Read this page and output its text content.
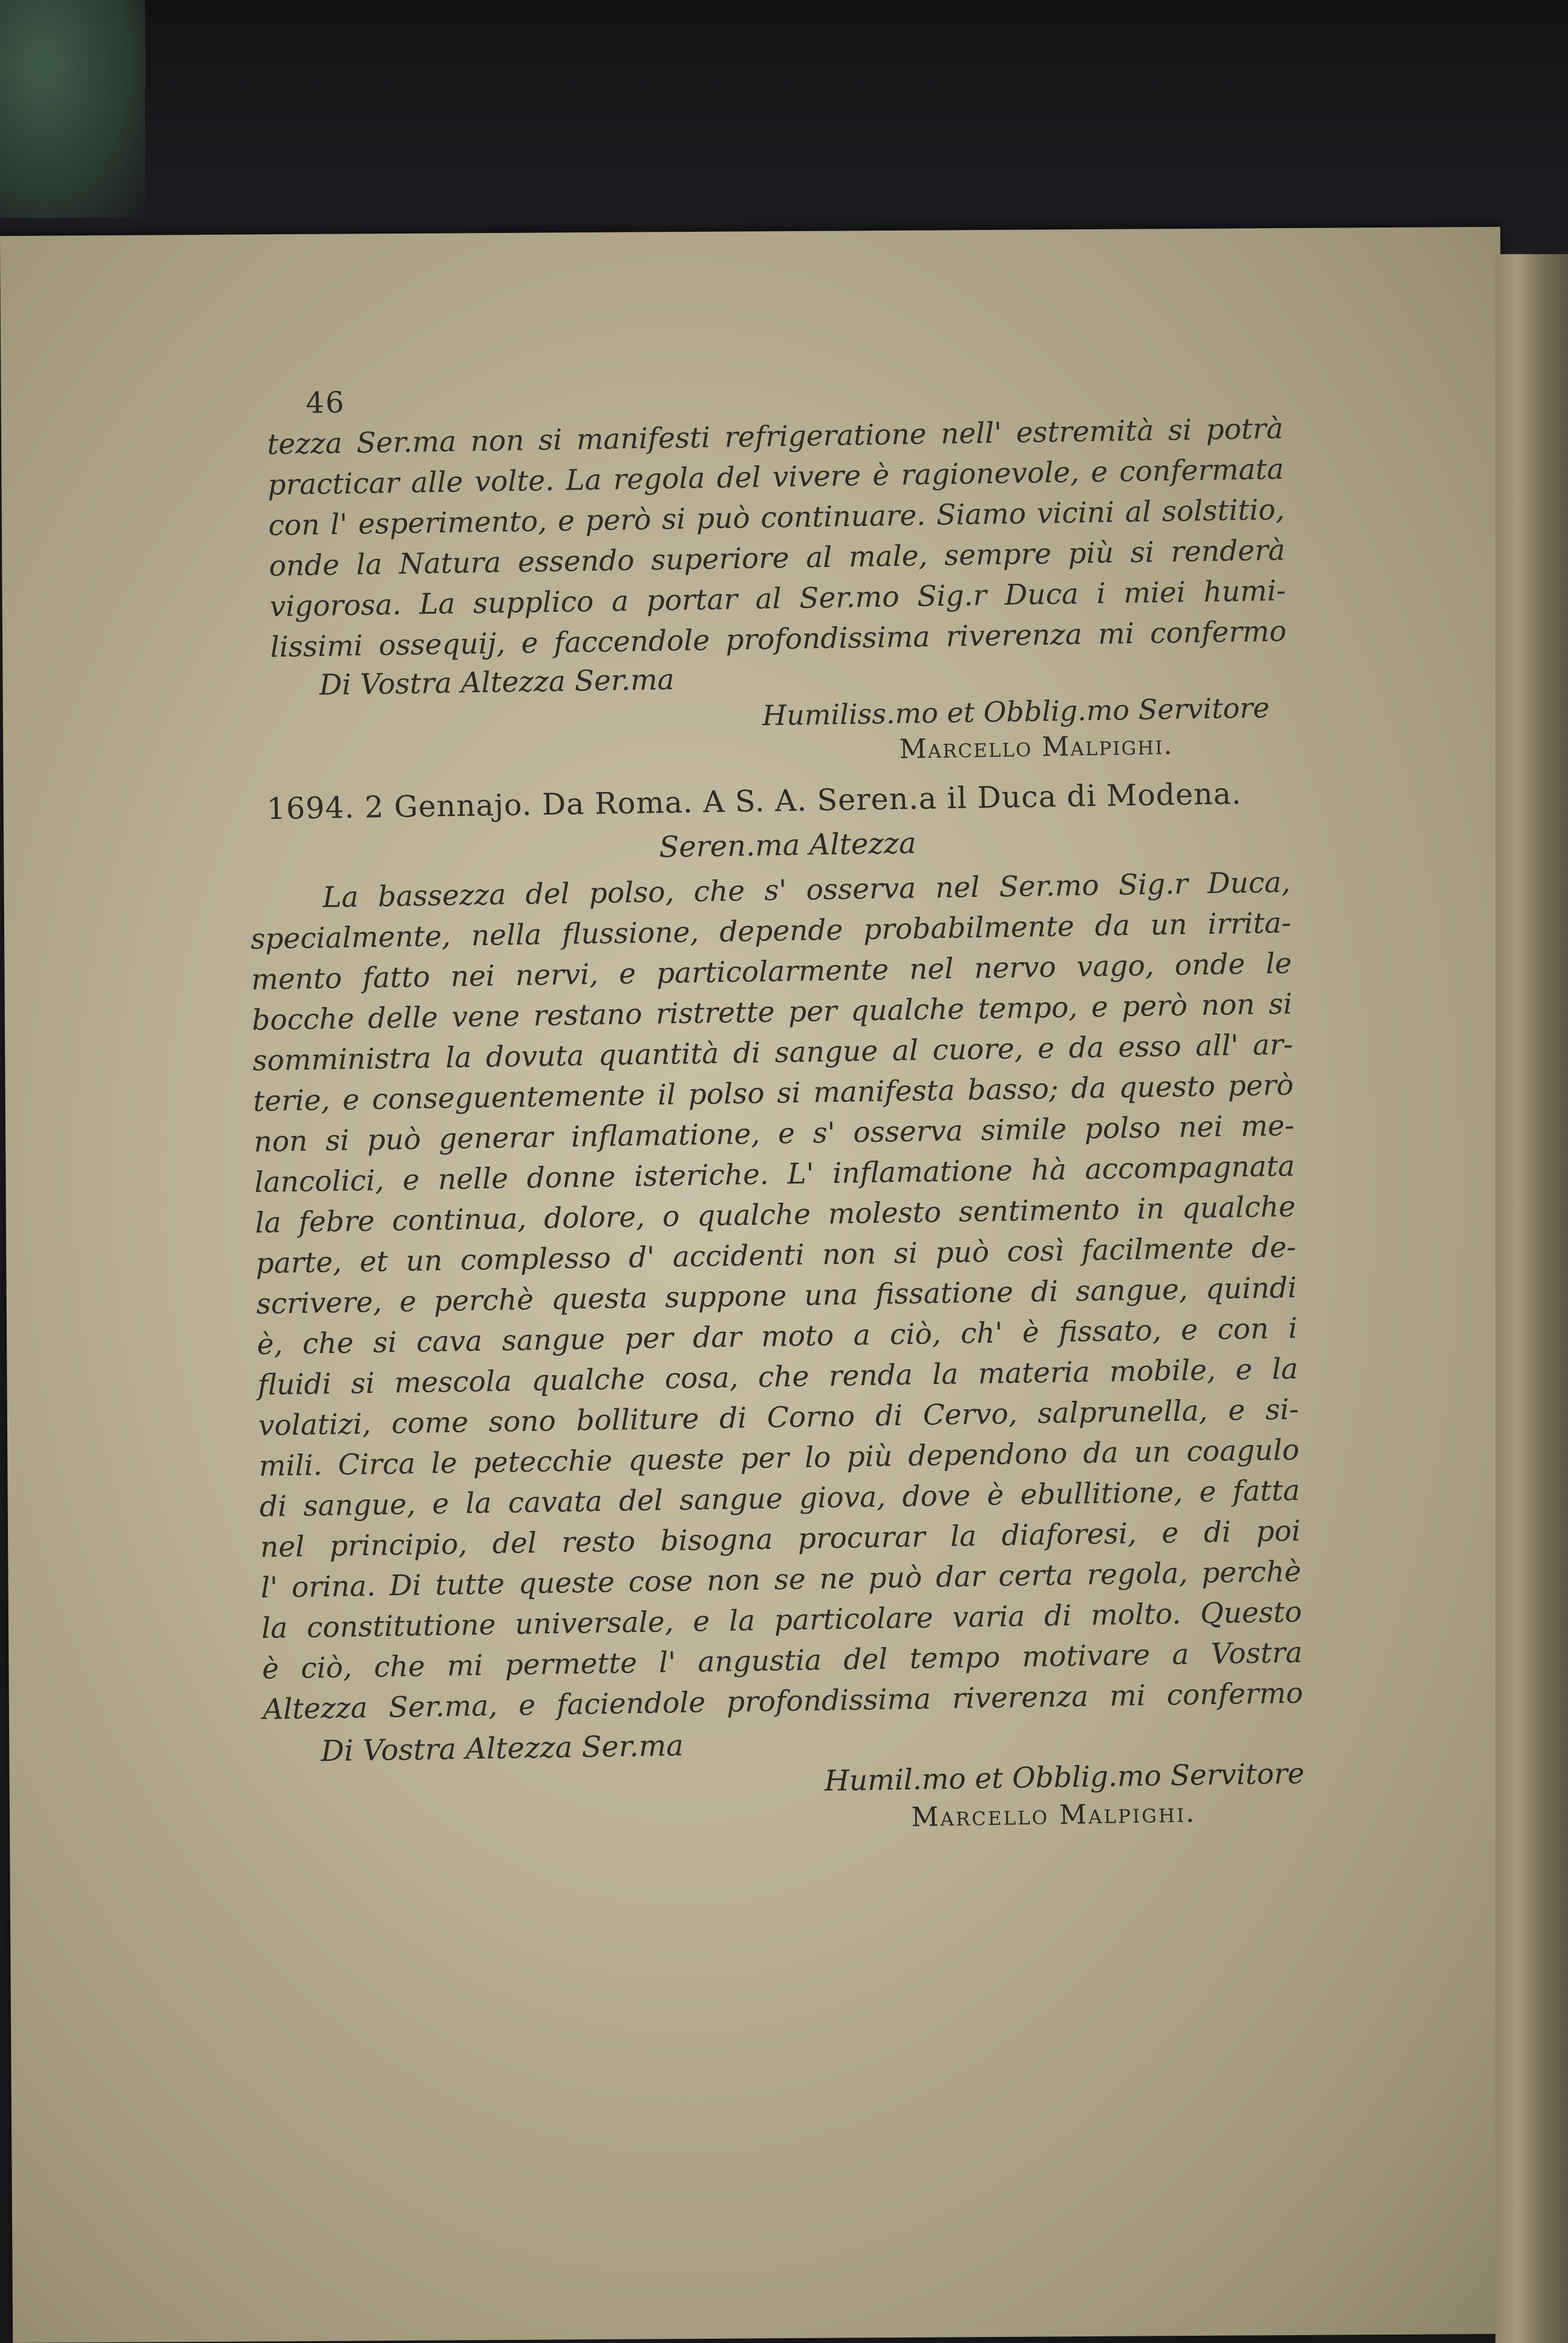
46
tezza Ser.ma non si manifesti refrigeratione nell' estremità si potrà
practicar alle volte. La regola del vivere è ragionevole, e confermata
con l' esperimento, e però si può continuare. Siamo vicini al solstitio,
onde la Natura essendo superiore al male, sempre più si renderà
vigorosa. La supplico a portar al Ser.mo Sig.r Duca i miei humi-
lissimi ossequij, e faccendole profondissima riverenza mi confermo
Di Vostra Altezza Ser.ma
Humiliss.mo et Obblig.mo Servitore
Marcello Malpighi.
1694. 2 Gennajo. Da Roma. A S. A. Seren.a il Duca di Modena.
Seren.ma Altezza
La bassezza del polso, che s' osserva nel Ser.mo Sig.r Duca,
specialmente, nella flussione, depende probabilmente da un irrita-
mento fatto nei nervi, e particolarmente nel nervo vago, onde le
bocche delle vene restano ristrette per qualche tempo, e però non si
somministra la dovuta quantità di sangue al cuore, e da esso all' ar-
terie, e conseguentemente il polso si manifesta basso; da questo però
non si può generar inflamatione, e s' osserva simile polso nei me-
lancolici, e nelle donne isteriche. L' inflamatione hà accompagnata
la febre continua, dolore, o qualche molesto sentimento in qualche
parte, et un complesso d' accidenti non si può così facilmente de-
scrivere, e perchè questa suppone una fissatione di sangue, quindi
è, che si cava sangue per dar moto a ciò, ch' è fissato, e con i
fluidi si mescola qualche cosa, che renda la materia mobile, e la
volatizi, come sono bolliture di Corno di Cervo, salprunella, e si-
mili. Circa le petecchie queste per lo più dependono da un coagulo
di sangue, e la cavata del sangue giova, dove è ebullitione, e fatta
nel principio, del resto bisogna procurar la diaforesi, e di poi
l' orina. Di tutte queste cose non se ne può dar certa regola, perchè
la constitutione universale, e la particolare varia di molto. Questo
è ciò, che mi permette l' angustia del tempo motivare a Vostra
Altezza Ser.ma, e faciendole profondissima riverenza mi confermo
Di Vostra Altezza Ser.ma
Humil.mo et Obblig.mo Servitore
Marcello Malpighi.
